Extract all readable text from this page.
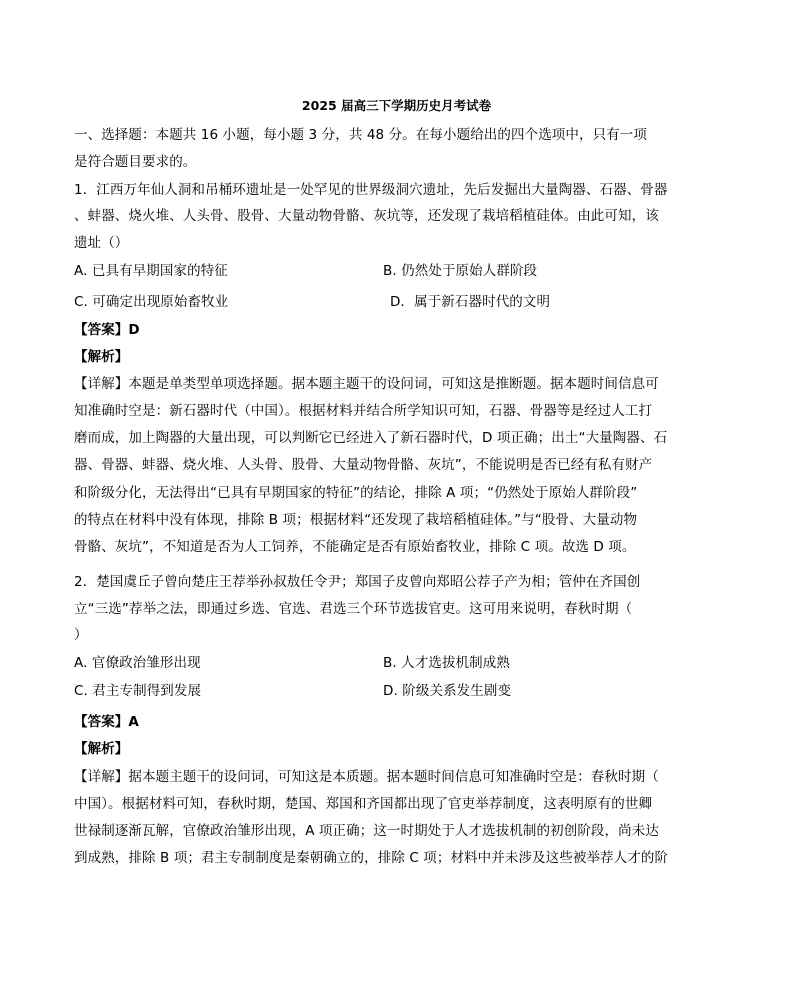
2025 届高三下学期历史月考试卷
一、选择题：本题共 16 小题，每小题 3 分，共 48 分。在每小题给出的四个选项中，只有一项
是符合题目要求的。
1．江西万年仙人洞和吊桶环遗址是一处罕见的世界级洞穴遗址，先后发掘出大量陶器、石器、骨器
、蚌器、烧火堆、人头骨、股骨、大量动物骨骼、灰坑等，还发现了栽培稻植硅体。由此可知，该
遗址（）
A. 已具有早期国家的特征	B. 仍然处于原始人群阶段
C. 可确定出现原始畜牧业	D．属于新石器时代的文明
【答案】D
【解析】
【详解】本题是单类型单项选择题。据本题主题干的设问词，可知这是推断题。据本题时间信息可
知准确时空是：新石器时代（中国）。根据材料并结合所学知识可知，石器、骨器等是经过人工打
磨而成，加上陶器的大量出现，可以判断它已经进入了新石器时代，D 项正确；出土“大量陶器、石
器、骨器、蚌器、烧火堆、人头骨、股骨、大量动物骨骼、灰坑”，不能说明是否已经有私有财产
和阶级分化，无法得出“已具有早期国家的特征”的结论，排除 A 项；“仍然处于原始人群阶段”
的特点在材料中没有体现，排除 B 项；根据材料“还发现了栽培稻植硅体。”与“股骨、大量动物
骨骼、灰坑”，不知道是否为人工饲养，不能确定是否有原始畜牧业，排除 C 项。故选 D 项。
2．楚国虞丘子曾向楚庄王荐举孙叔敖任令尹；郑国子皮曾向郑昭公荐子产为相；管仲在齐国创
立“三选”荐举之法，即通过乡选、官选、君选三个环节选拔官吏。这可用来说明，春秋时期（
）
A. 官僚政治雏形出现	B. 人才选拔机制成熟
C. 君主专制得到发展	D. 阶级关系发生剧变
【答案】A
【解析】
【详解】据本题主题干的设问词，可知这是本质题。据本题时间信息可知准确时空是：春秋时期（
中国）。根据材料可知，春秋时期，楚国、郑国和齐国都出现了官吏举荐制度，这表明原有的世卿
世禄制逐渐瓦解，官僚政治雏形出现，A 项正确；这一时期处于人才选拔机制的初创阶段，尚未达
到成熟，排除 B 项；君主专制制度是秦朝确立的，排除 C 项；材料中并未涉及这些被举荐人才的阶
